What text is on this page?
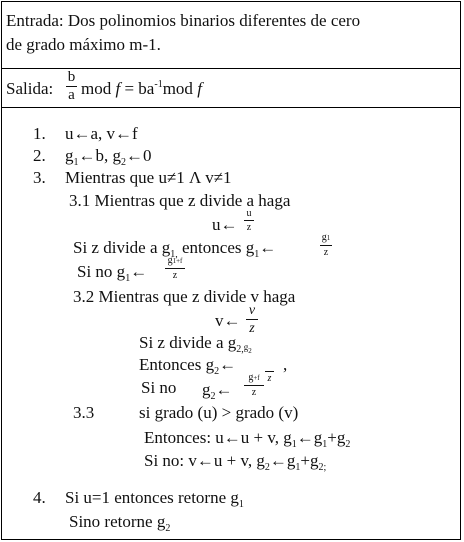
Entrada: Dos polinomios binarios diferentes de cero
de grado máximo m-1.
Salida:
b
a mod $f = ba^{-1}mod$ f
1. u←a, v←f
2. $g_1\leftarrow b$, $g_2\leftarrow 0$
3. Mientras que u≠1 Λ v≠1
3.1 Mientras que z divide a haga
u←
u
z
Si z divide a $g_{1,}$ entonces $g_1\leftarrow$
g1
z
Si no $g_1\leftarrow$
g1+f
z
3.2 Mientras que z divide v haga
v←
v
z
Si z divide a $g_{2,}g_2$
Entonces $g_2\leftarrow$

z
,
Si no $g_2\leftarrow$
g+f
z
3.3	si grado (u) > grado (v)
Entonces: u←u + v, $g_1\leftarrow g_1+g_2$
Si no: v←u + v, $g_2\leftarrow g_1+g_{2;}$
4. Si u=1 entonces retorne $g_1$
Sino retorne $g_2$
